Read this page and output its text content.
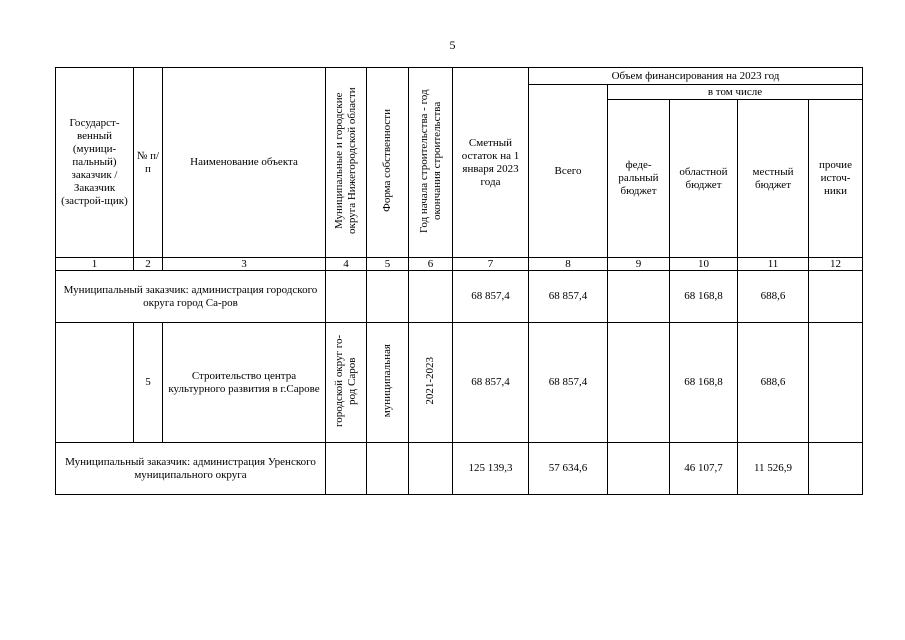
5
Государст-венный (муници-пальный) заказчик / Заказчик (застрой-щик)	№ п/п	Наименование объекта	Муниципальные и городские округа Нижегородской области	Форма собственности	Год начала строительства - год окончания строительства	Сметный остаток на 1 января 2023 года	Объем финансирования на 2023 год				
							Всего	в том числе			
								феде-ральный бюджет	областной бюджет	местный бюджет	прочие источ-ники
1	2	3	4	5	6	7	8	9	10	11	12
Муниципальный заказчик: администрация городского округа город Са-ров						68 857,4	68 857,4		68 168,8	688,6	
	5	Строительство центра культурного развития в г.Сарове	городской округ го-род Саров	муниципальная	2021-2023	68 857,4	68 857,4		68 168,8	688,6	
Муниципальный заказчик: администрация Уренского муниципального округа						125 139,3	57 634,6		46 107,7	11 526,9	
